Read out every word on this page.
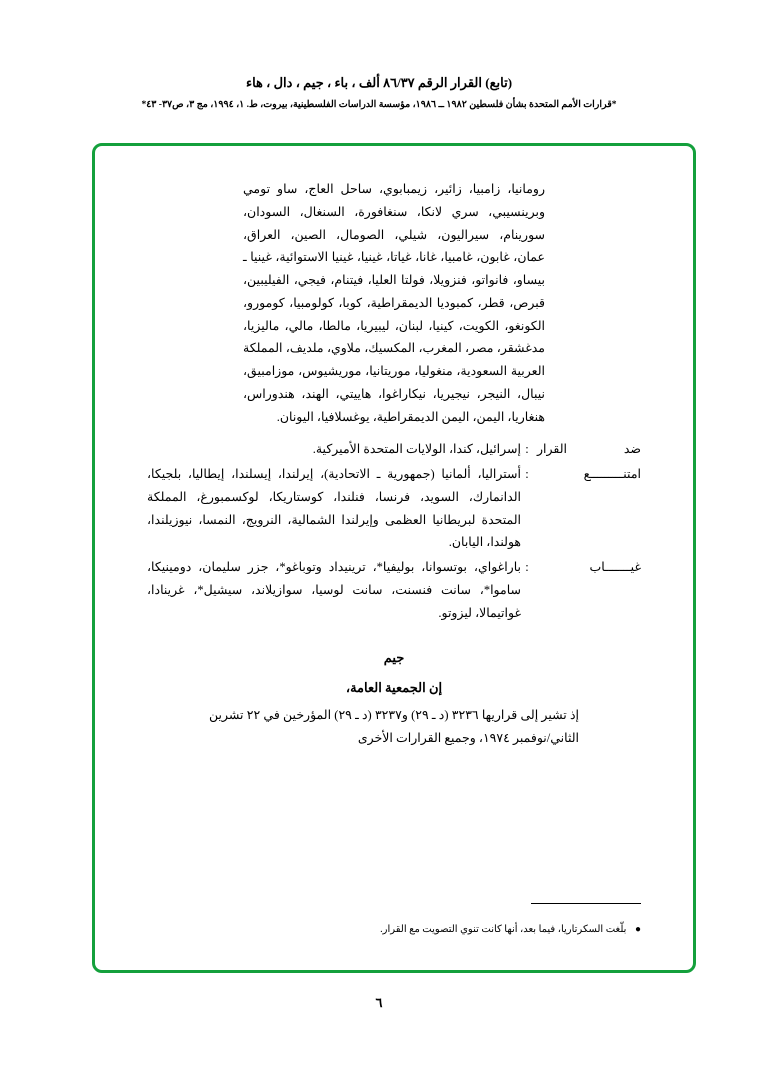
(تابع) القرار الرقم ٨٦/٣٧ ألف ، باء ، جيم ، دال ، هاء
*قرارات الأمم المتحدة بشأن فلسطين ١٩٨٢ ــ ١٩٨٦، مؤسسة الدراسات الفلسطينية، بيروت، ط. ١، ١٩٩٤، مج ٣، ص٣٧- ٤٣*
رومانيا، زامبيا، زائير، زيمبابوي، ساحل العاج، ساو تومي وبرينسيبي، سري لانكا، سنغافورة، السنغال، السودان، سورينام، سيراليون، شيلي، الصومال، الصين، العراق، عمان، غابون، غامبيا، غانا، غياتا، غينيا، غينيا الاستوائية، غينيا ـ بيساو، فانواتو، فنزويلا، فولتا العليا، فيتنام، فيجي، الفيليبين، قبرص، قطر، كمبوديا الديمقراطية، كوبا، كولومبيا، كومورو، الكونغو، الكويت، كينيا، لبنان، ليبيريا، مالطا، مالي، ماليزيا، مدغشقر، مصر، المغرب، المكسيك، ملاوي، ملديف، المملكة العربية السعودية، منغوليا، موريتانيا، موريشيوس، موزامبيق، نيبال، النيجر، نيجيريا، نيكاراغوا، هاييتي، الهند، هندوراس، هنغاريا، اليمن، اليمن الديمقراطية، يوغسلافيا، اليونان.
ضد القرار
:
إسرائيل، كندا، الولايات المتحدة الأميركية.
امتنـــــــــع
:
أستراليا، ألمانيا (جمهورية ـ الاتحادية)، إيرلندا، إيسلندا، إيطاليا، بلجيكا، الدانمارك، السويد، فرنسا، فنلندا، كوستاريكا، لوكسمبورغ، المملكة المتحدة لبريطانيا العظمى وإيرلندا الشمالية، النرويج، النمسا، نيوزيلندا، هولندا، اليابان.
غيـــــــاب
:
باراغواي، بوتسوانا، بوليفيا*، ترينيداد وتوباغو*، جزر سليمان، دومينيكا، ساموا*، سانت فنسنت، سانت لوسيا، سوازيلاند، سيشيل*، غرينادا، غواتيمالا، ليزوتو.
جيم
إن الجمعية العامة،
إذ تشير إلى قراريها ٣٢٣٦ (د ـ ٢٩) و٣٢٣٧ (د ـ ٢٩) المؤرخين في ٢٢ تشرين الثاني/نوفمبر ١٩٧٤، وجميع القرارات الأخرى
● بلّغت السكرتاريا، فيما بعد، أنها كانت تنوي التصويت مع القرار.
٦
